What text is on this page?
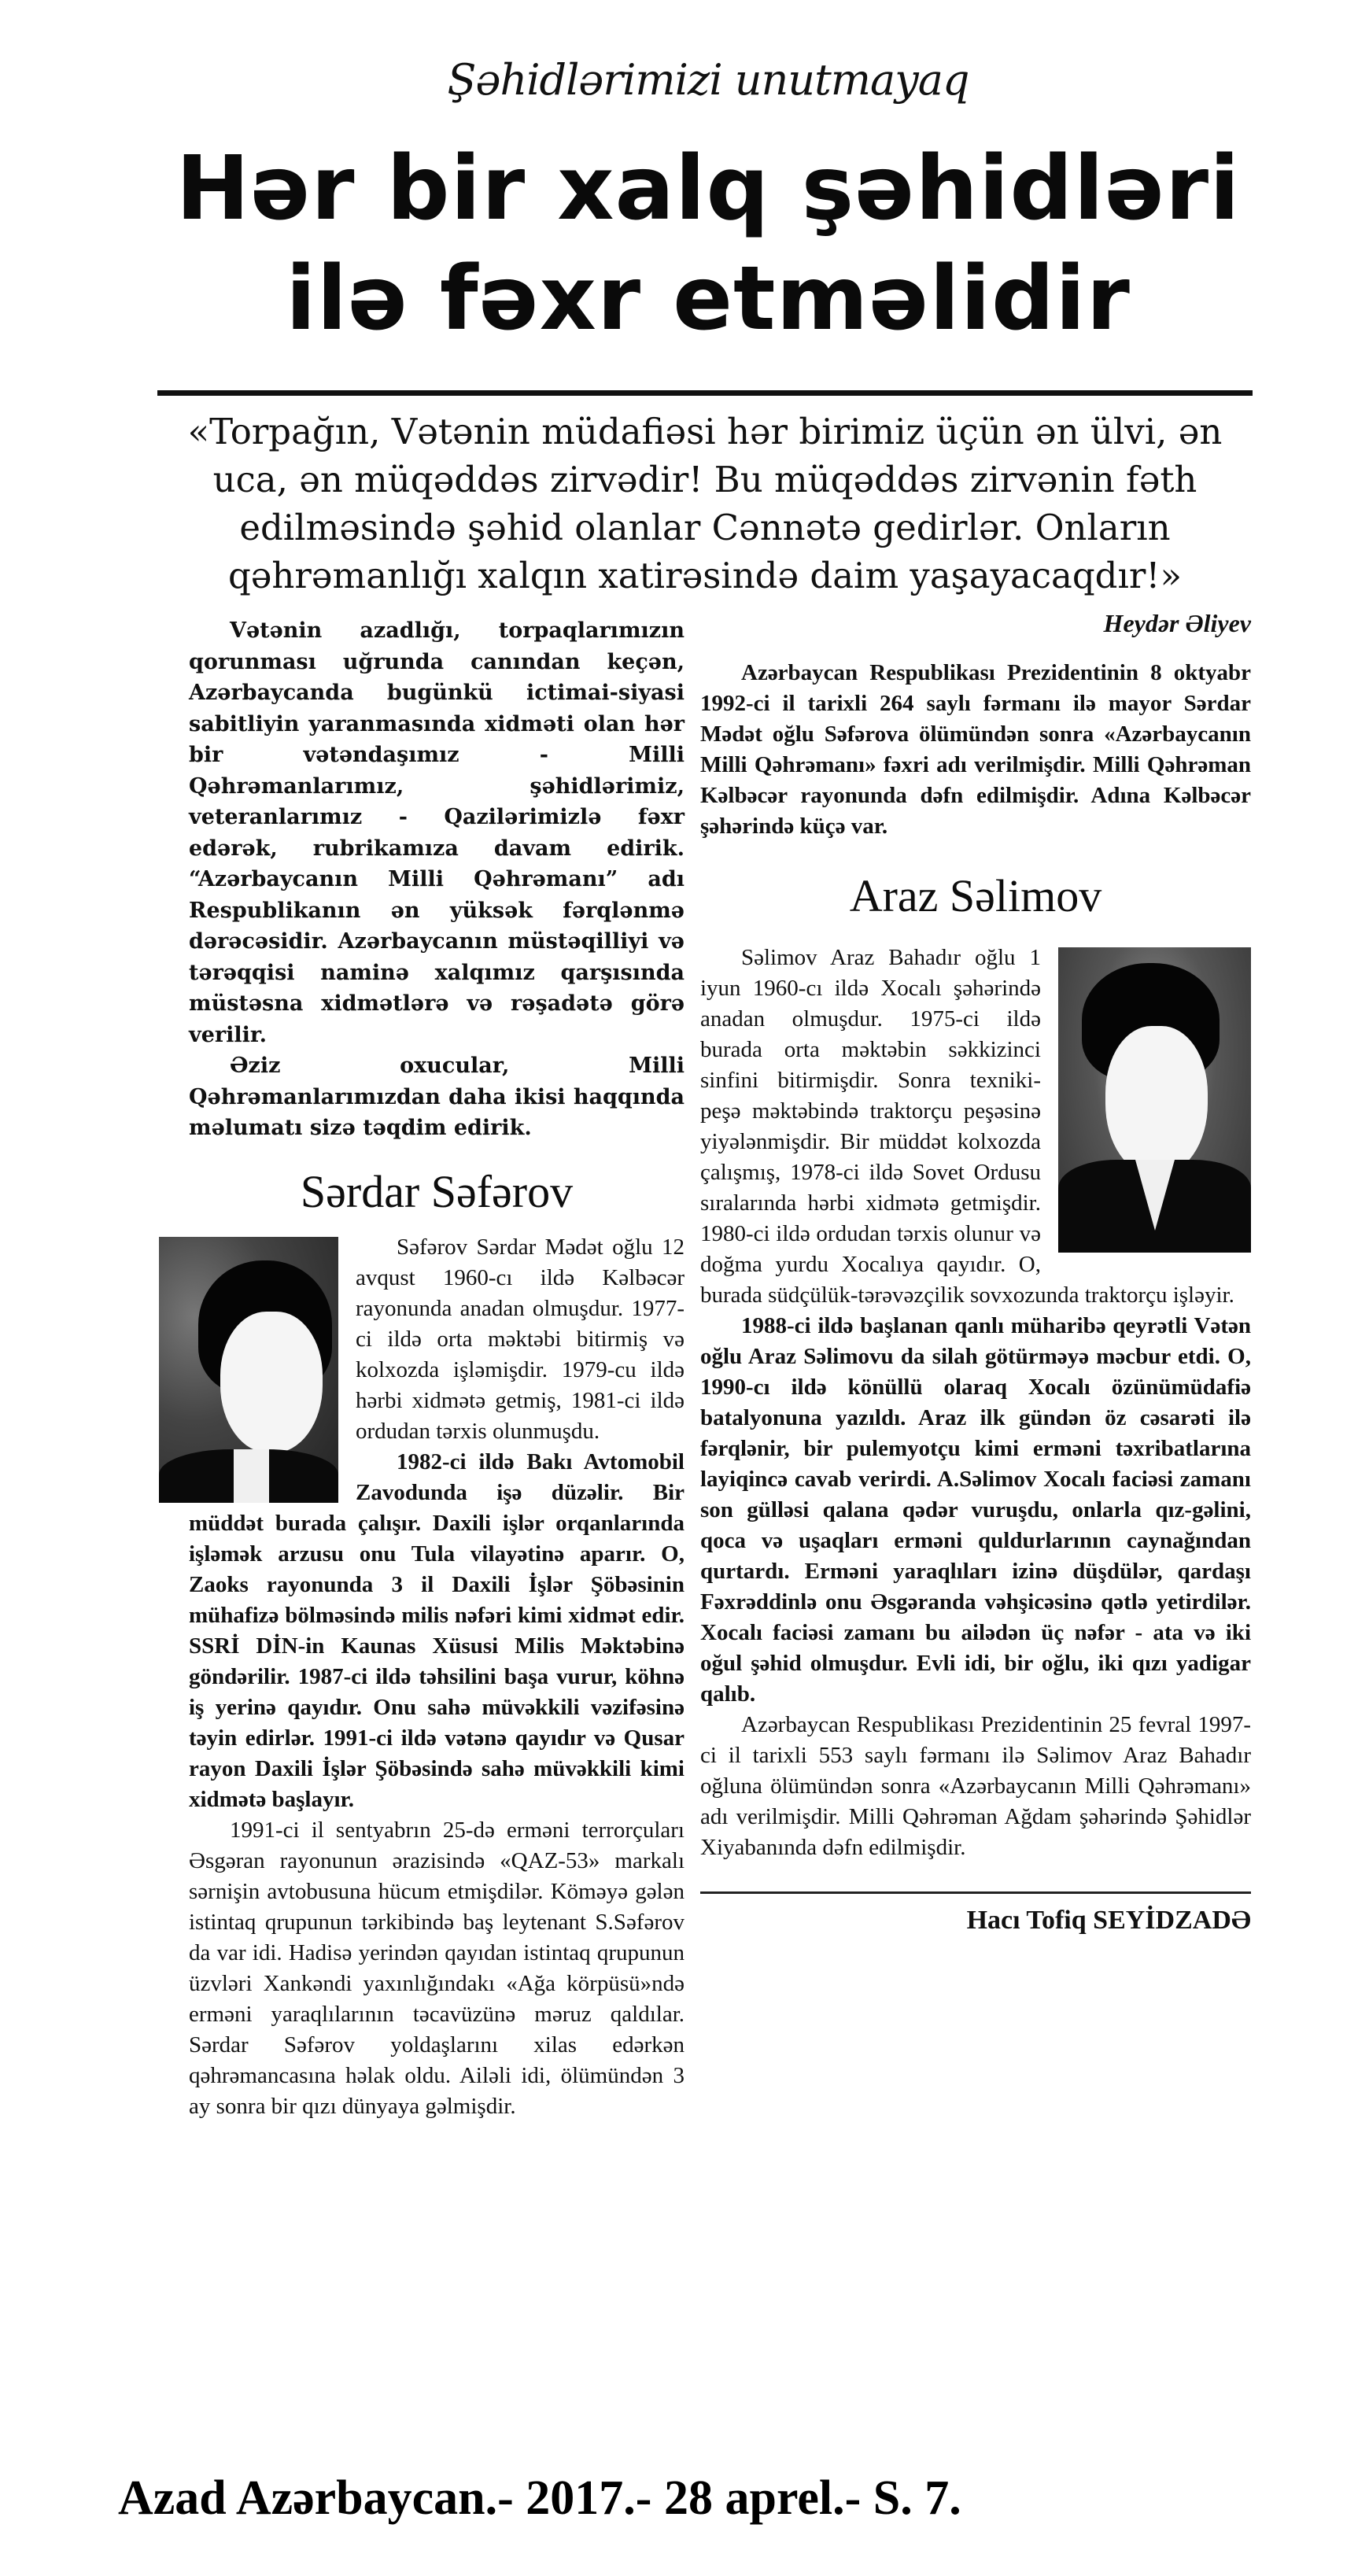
Şəhidlərimizi unutmayaq
Hər bir xalq şəhidləri
ilə fəxr etməlidir
«Torpağın, Vətənin müdafiəsi hər birimiz üçün ən ülvi, ən uca, ən müqəddəs zirvədir! Bu müqəddəs zirvənin fəth edilməsində şəhid olanlar Cənnətə gedirlər. Onların qəhrəmanlığı xalqın xatirəsində daim yaşayacaqdır!»

Vətənin azadlığı, torpaqlarımızın qorunması uğrunda canından keçən, Azərbaycanda bugünkü ictimai-siyasi sabitliyin yaranmasında xidməti olan hər bir vətəndaşımız - Milli Qəhrəmanlarımız, şəhidlərimiz, veteranlarımız - Qazilərimizlə fəxr edərək, rubrikamıza davam edirik. “Azərbaycanın Milli Qəhrəmanı” adı Respublikanın ən yüksək fərqlənmə dərəcəsidir. Azərbaycanın müstəqilliyi və tərəqqisi naminə xalqımız qarşısında müstəsna xidmətlərə və rəşadətə görə verilir.

Əziz oxucular, Milli Qəhrəmanlarımızdan daha ikisi haqqında məlumatı sizə təqdim edirik.

Sərdar Səfərov

Səfərov Sərdar Mədət oğlu 12 avqust 1960-cı ildə Kəlbəcər rayonunda anadan olmuşdur. 1977-ci ildə orta məktəbi bitirmiş və kolxozda işləmişdir. 1979-cu ildə hərbi xidmətə getmiş, 1981-ci ildə ordudan tərxis olunmuşdu.

1982-ci ildə Bakı Avtomobil Zavodunda işə düzəlir. Bir müddət burada çalışır. Daxili işlər orqanlarında işləmək arzusu onu Tula vilayətinə aparır. O, Zaoks rayonunda 3 il Daxili İşlər Şöbəsinin mühafizə bölməsində milis nəfəri kimi xidmət edir. SSRİ DİN-in Kaunas Xüsusi Milis Məktəbinə göndərilir. 1987-ci ildə təhsilini başa vurur, köhnə iş yerinə qayıdır. Onu sahə müvəkkili vəzifəsinə təyin edirlər. 1991-ci ildə vətənə qayıdır və Qusar rayon Daxili İşlər Şöbəsində sahə müvəkkili kimi xidmətə başlayır.

1991-ci il sentyabrın 25-də erməni terrorçuları Əsgəran rayonunun ərazisində «QAZ-53» markalı sərnişin avtobusuna hücum etmişdilər. Köməyə gələn istintaq qrupunun tərkibində baş leytenant S.Səfərov da var idi. Hadisə yerindən qayıdan istintaq qrupunun üzvləri Xankəndi yaxınlığındakı «Ağa körpüsü»ndə erməni yaraqlılarının təcavüzünə məruz qaldılar. Sərdar Səfərov yoldaşlarını xilas edərkən qəhrəmancasına həlak oldu. Ailəli idi, ölümündən 3 ay sonra bir qızı dünyaya gəlmişdir.

Heydər Əliyev

Azərbaycan Respublikası Prezidentinin 8 oktyabr 1992-ci il tarixli 264 saylı fərmanı ilə mayor Sərdar Mədət oğlu Səfərova ölümündən sonra «Azərbaycanın Milli Qəhrəmanı» fəxri adı verilmişdir. Milli Qəhrəman Kəlbəcər rayonunda dəfn edilmişdir. Adına Kəlbəcər şəhərində küçə var.

Araz Səlimov

Səlimov Araz Bahadır oğlu 1 iyun 1960-cı ildə Xocalı şəhərində anadan olmuşdur. 1975-ci ildə burada orta məktəbin səkkizinci sinfini bitirmişdir. Sonra texniki-peşə məktəbində traktorçu peşəsinə yiyələnmişdir. Bir müddət kolxozda çalışmış, 1978-ci ildə Sovet Ordusu sıralarında hərbi xidmətə getmişdir. 1980-ci ildə ordudan tərxis olunur və doğma yurdu Xocalıya qayıdır. O, burada südçülük-tərəvəzçilik sovxozunda traktorçu işləyir.

1988-ci ildə başlanan qanlı müharibə qeyrətli Vətən oğlu Araz Səlimovu da silah götürməyə məcbur etdi. O, 1990-cı ildə könüllü olaraq Xocalı özünümüdafiə batalyonuna yazıldı. Araz ilk gündən öz cəsarəti ilə fərqlənir, bir pulemyotçu kimi erməni təxribatlarına layiqincə cavab verirdi. A.Səlimov Xocalı faciəsi zamanı son gülləsi qalana qədər vuruşdu, onlarla qız-gəlini, qoca və uşaqları erməni quldurlarının caynağından qurtardı. Erməni yaraqlıları izinə düşdülər, qardaşı Fəxrəddinlə onu Əsgəranda vəhşicəsinə qətlə yetirdilər. Xocalı faciəsi zamanı bu ailədən üç nəfər - ata və iki oğul şəhid olmuşdur. Evli idi, bir oğlu, iki qızı yadigar qalıb.

Azərbaycan Respublikası Prezidentinin 25 fevral 1997-ci il tarixli 553 saylı fərmanı ilə Səlimov Araz Bahadır oğluna ölümündən sonra «Azərbaycanın Milli Qəhrəmanı» adı verilmişdir. Milli Qəhrəman Ağdam şəhərində Şəhidlər Xiyabanında dəfn edilmişdir.

Hacı Tofiq SEYİDZADƏ
Azad Azərbaycan.- 2017.- 28 aprel.- S. 7.
